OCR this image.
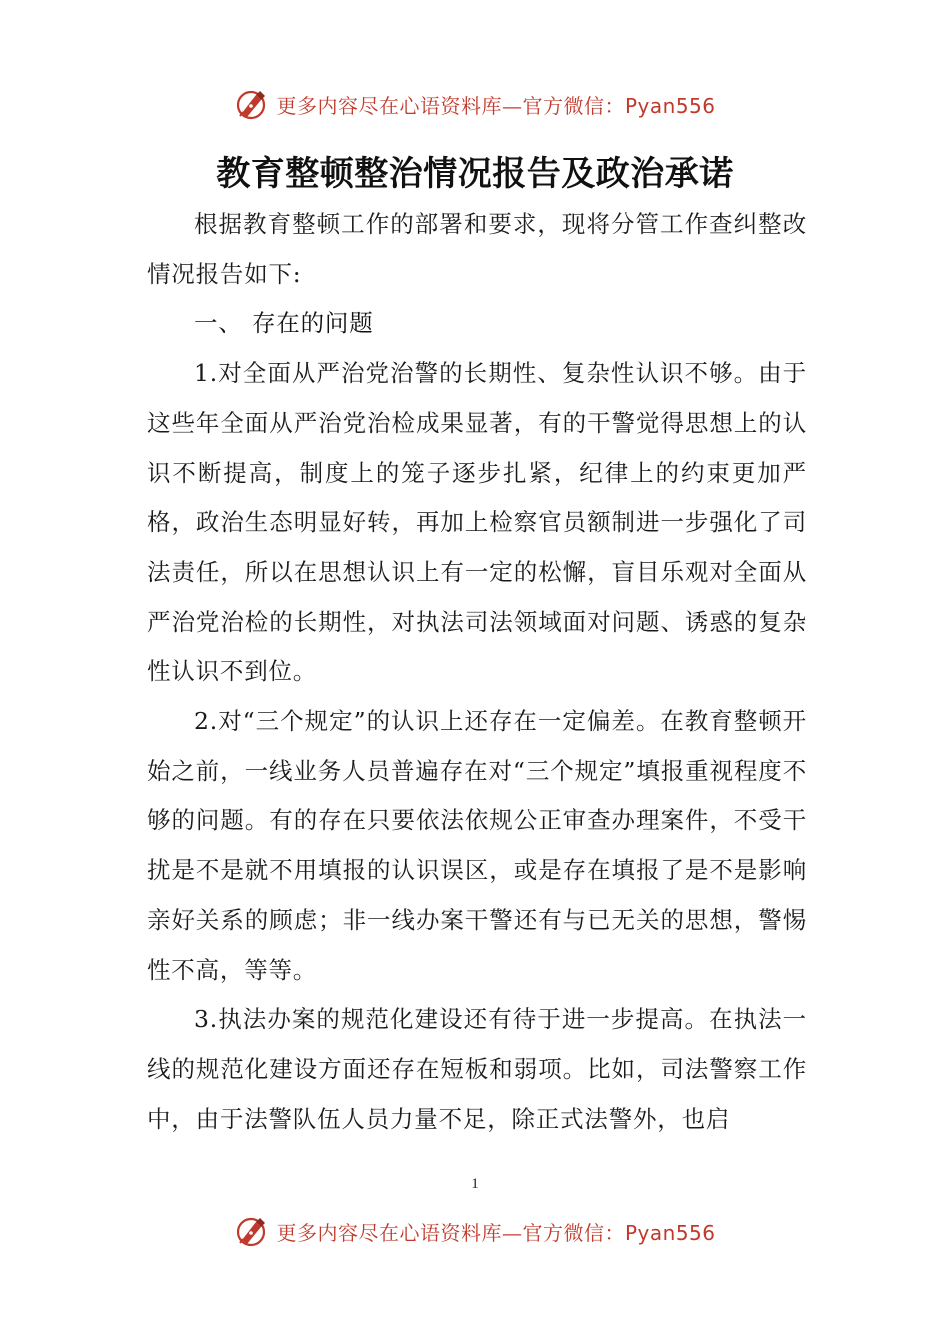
更多内容尽在心语资料库—官方微信：Pyan556
教育整顿整治情况报告及政治承诺

根据教育整顿工作的部署和要求，现将分管工作查纠整改情况报告如下:

一、 存在的问题

1.对全面从严治党治警的长期性、复杂性认识不够。由于这些年全面从严治党治检成果显著，有的干警觉得思想上的认识不断提高，制度上的笼子逐步扎紧，纪律上的约束更加严格，政治生态明显好转，再加上检察官员额制进一步强化了司法责任，所以在思想认识上有一定的松懈，盲目乐观对全面从严治党治检的长期性，对执法司法领域面对问题、诱惑的复杂性认识不到位。

2.对“三个规定”的认识上还存在一定偏差。在教育整顿开始之前，一线业务人员普遍存在对“三个规定”填报重视程度不够的问题。有的存在只要依法依规公正审查办理案件，不受干扰是不是就不用填报的认识误区，或是存在填报了是不是影响亲好关系的顾虑；非一线办案干警还有与已无关的思想，警惕性不高，等等。

3.执法办案的规范化建设还有待于进一步提高。在执法一线的规范化建设方面还存在短板和弱项。比如，司法警察工作中，由于法警队伍人员力量不足，除正式法警外，也启

1
更多内容尽在心语资料库—官方微信：Pyan556
